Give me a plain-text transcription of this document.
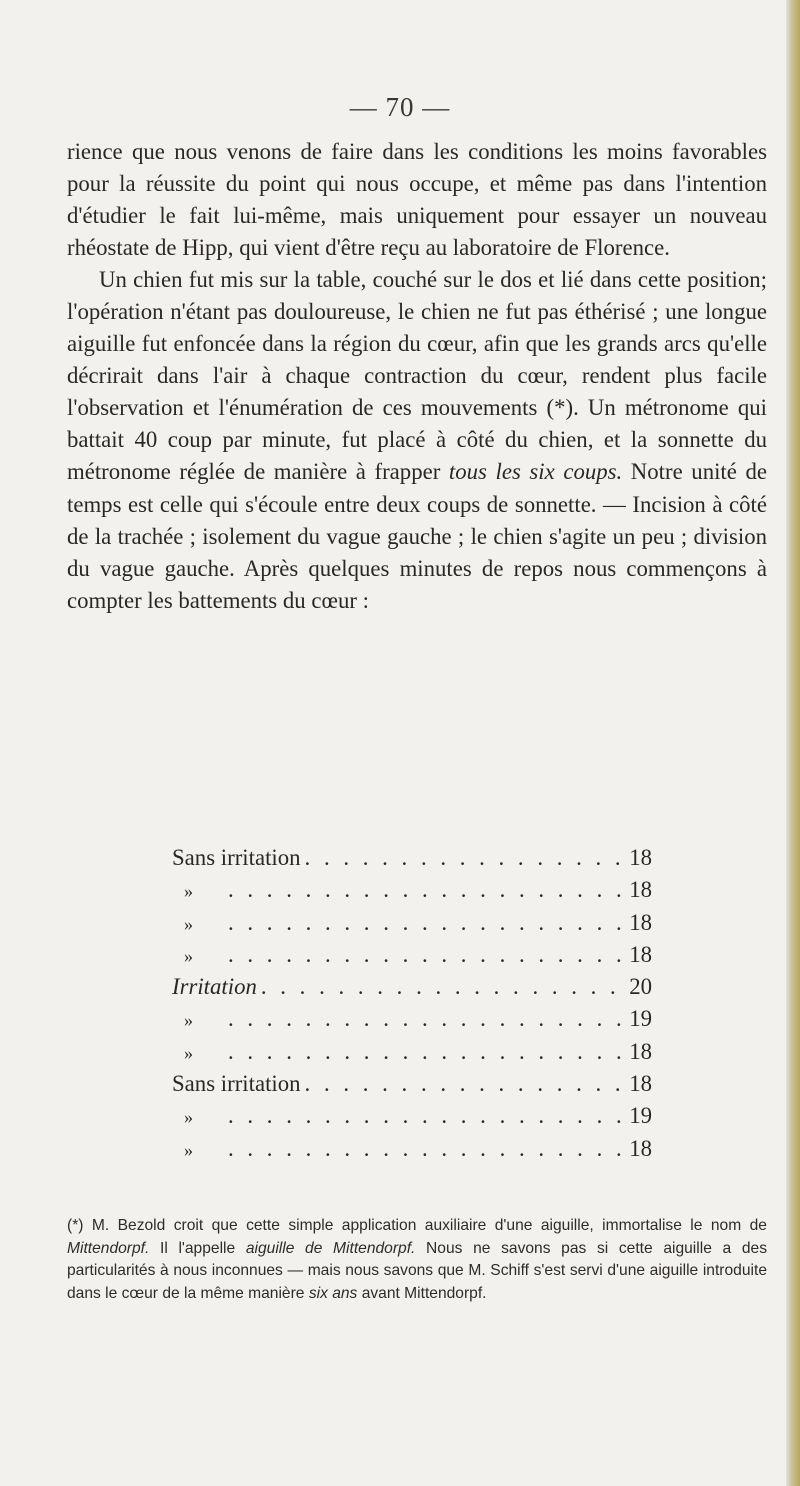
— 70 —

rience que nous venons de faire dans les conditions les moins favorables pour la réussite du point qui nous occupe, et même pas dans l'intention d'étudier le fait lui-même, mais uniquement pour essayer un nouveau rhéostate de Hipp, qui vient d'être reçu au laboratoire de Florence.

Un chien fut mis sur la table, couché sur le dos et lié dans cette position; l'opération n'étant pas douloureuse, le chien ne fut pas éthérisé ; une longue aiguille fut enfoncée dans la région du cœur, afin que les grands arcs qu'elle décrirait dans l'air à chaque contraction du cœur, rendent plus facile l'observation et l'énumération de ces mouvements (*). Un métronome qui battait 40 coup par minute, fut placé à côté du chien, et la sonnette du métronome réglée de manière à frapper tous les six coups. Notre unité de temps est celle qui s'écoule entre deux coups de sonnette. — Incision à côté de la trachée ; isolement du vague gauche ; le chien s'agite un peu ; division du vague gauche. Après quelques minutes de repos nous commençons à compter les battements du cœur :

Sans irritation . . .	18
» . . .	18
» . . .	18
» . . .	18
Irritation . . .	20
» . . .	19
» . . .	18
Sans irritation . . .	18
» . . .	19
» . . .	18

(*) M. Bezold croit que cette simple application auxiliaire d'une aiguille, immortalise le nom de Mittendorpf. Il l'appelle aiguille de Mittendorpf. Nous ne savons pas si cette aiguille a des particularités à nous inconnues — mais nous savons que M. Schiff s'est servi d'une aiguille introduite dans le cœur de la même manière six ans avant Mittendorpf.
